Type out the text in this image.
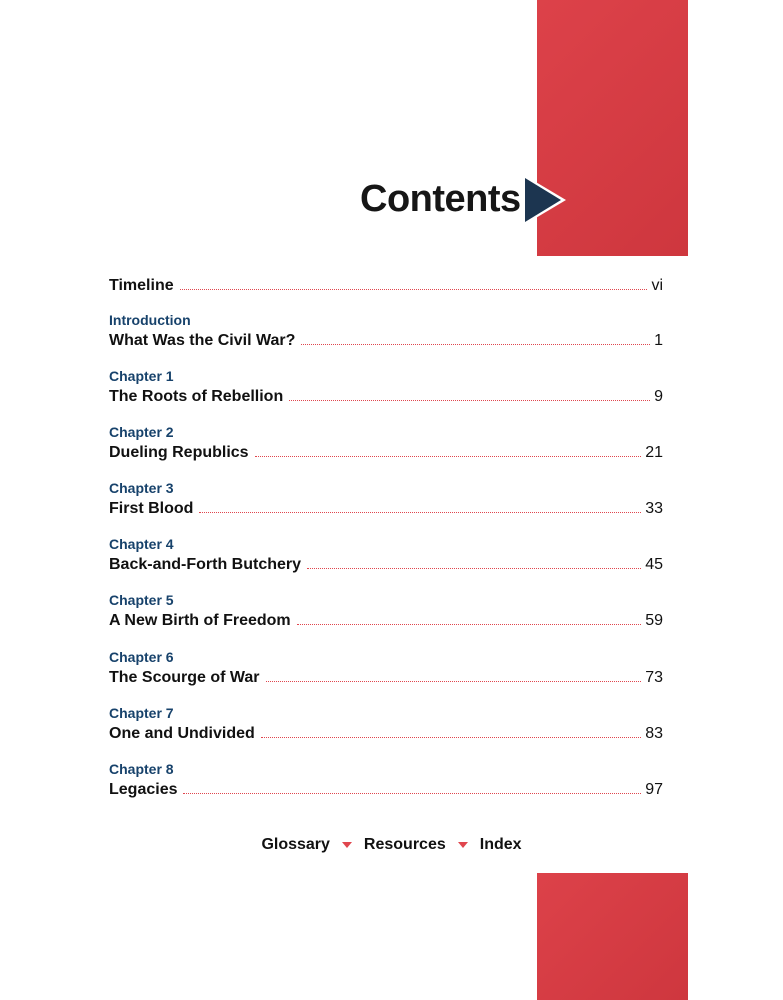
Contents
Timeline	vi
Introduction
What Was the Civil War?	1
Chapter 1
The Roots of Rebellion	9
Chapter 2
Dueling Republics	21
Chapter 3
First Blood	33
Chapter 4
Back-and-Forth Butchery	45
Chapter 5
A New Birth of Freedom	59
Chapter 6
The Scourge of War	73
Chapter 7
One and Undivided	83
Chapter 8
Legacies	97
Glossary Resources Index
